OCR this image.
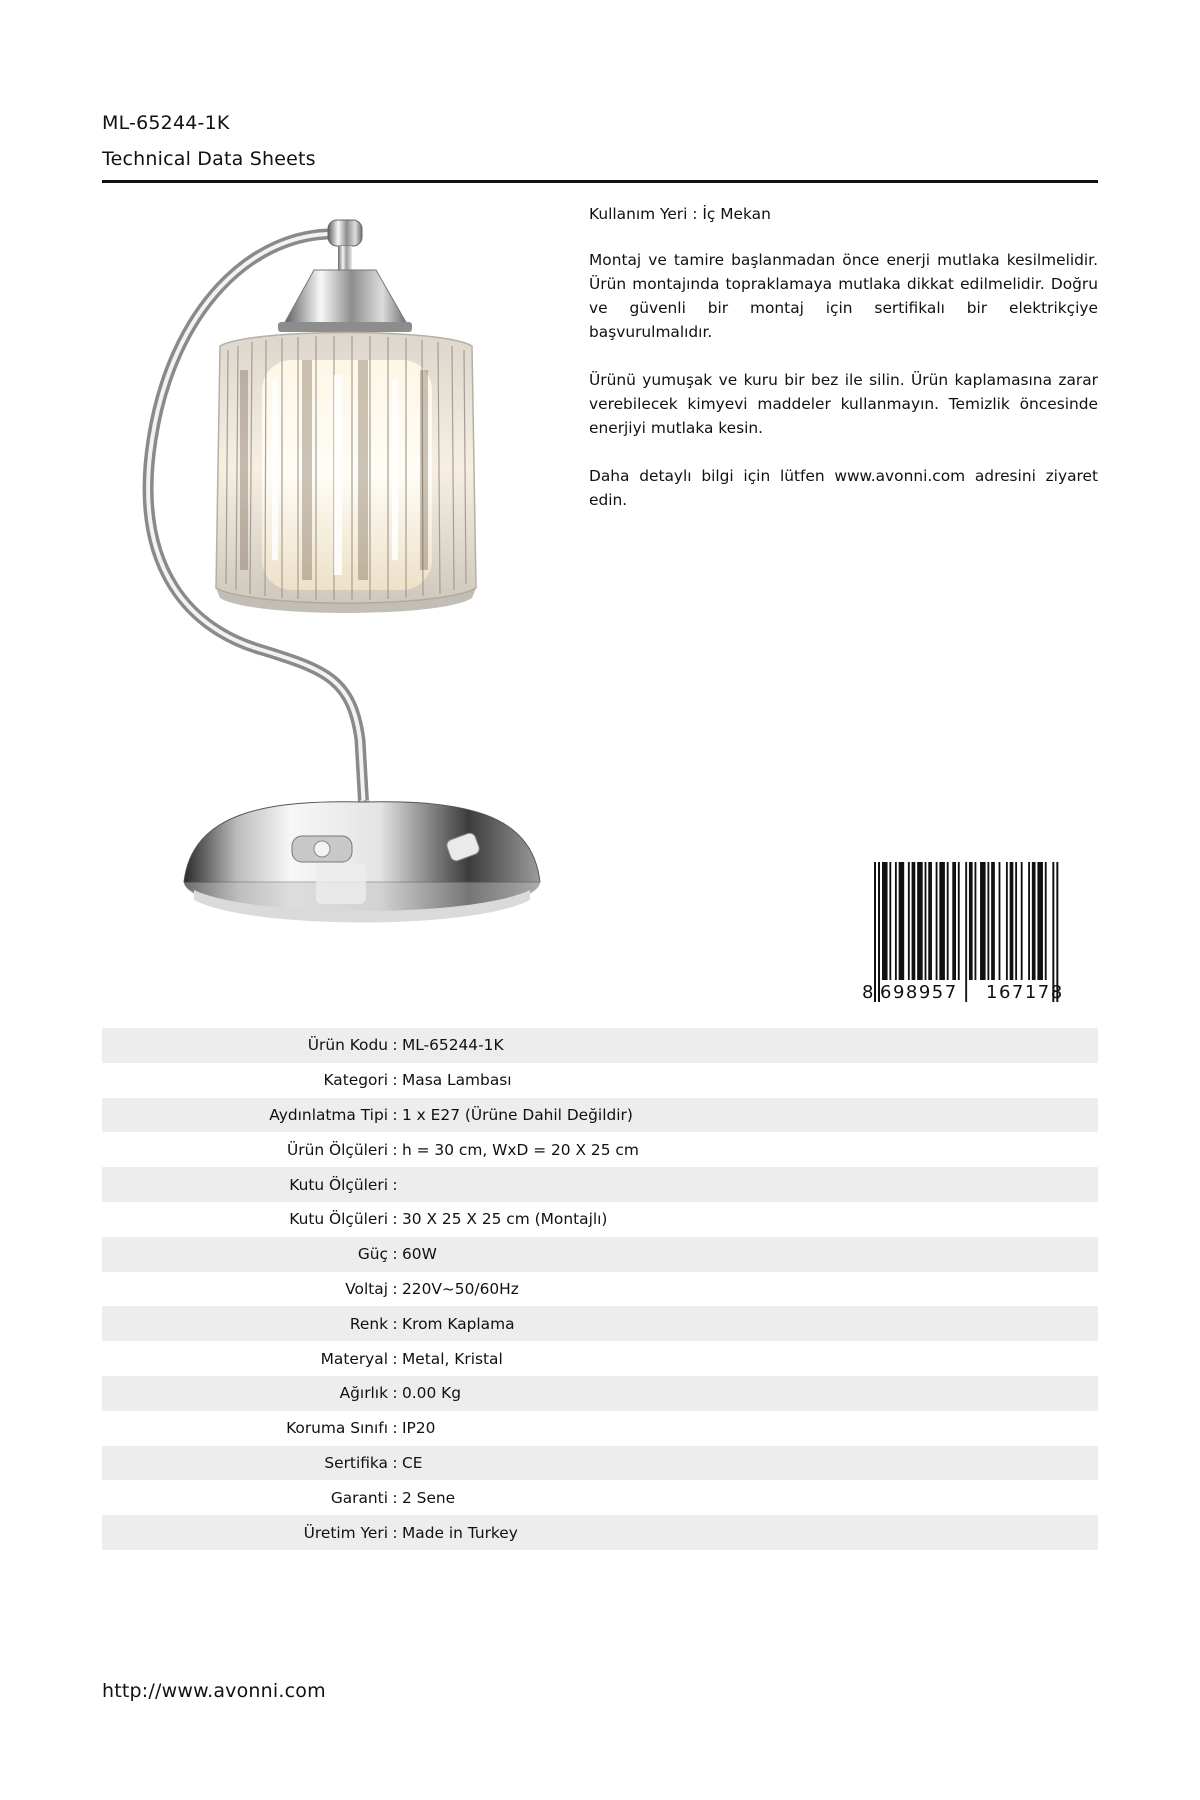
ML-65244-1K
Technical Data Sheets

Kullanım Yeri : İç Mekan

Montaj ve tamire başlanmadan önce enerji mutlaka kesilmelidir. Ürün montajında topraklamaya mutlaka dikkat edilmelidir. Doğru ve güvenli bir montaj için sertifikalı bir elektrikçiye başvurulmalıdır.

Ürünü yumuşak ve kuru bir bez ile silin. Ürün kaplamasına zarar verebilecek kimyevi maddeler kullanmayın. Temizlik öncesinde enerjiyi mutlaka kesin.

Daha detaylı bilgi için lütfen www.avonni.com adresini ziyaret edin.

8 698957 167178
Ürün Kodu : ML-65244-1K
Kategori : Masa Lambası
Aydınlatma Tipi : 1 x E27 (Ürüne Dahil Değildir)
Ürün Ölçüleri : h = 30 cm, WxD = 20 X 25 cm
Kutu Ölçüleri :
Kutu Ölçüleri : 30 X 25 X 25 cm (Montajlı)
Güç : 60W
Voltaj : 220V~50/60Hz
Renk : Krom Kaplama
Materyal : Metal, Kristal
Ağırlık : 0.00 Kg
Koruma Sınıfı : IP20
Sertifika : CE
Garanti : 2 Sene
Üretim Yeri : Made in Turkey
http://www.avonni.com
